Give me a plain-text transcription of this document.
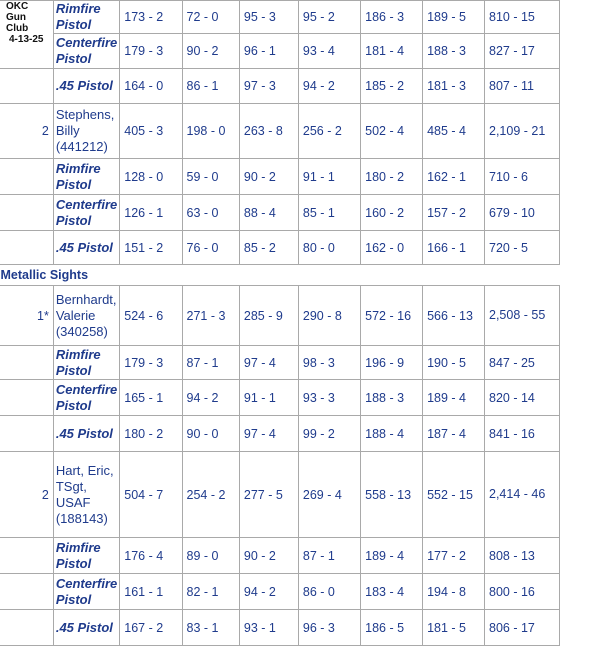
OKC Gun
Club
4-13-25	Rimfire Pistol	173 - 2	72 - 0	95 - 3	95 - 2	186 - 3	189 - 5	810 - 15
	Centerfire Pistol	179 - 3	90 - 2	96 - 1	93 - 4	181 - 4	188 - 3	827 - 17
	.45 Pistol	164 - 0	86 - 1	97 - 3	94 - 2	185 - 2	181 - 3	807 - 11
2	Stephens, Billy (441212)	405 - 3	198 - 0	263 - 8	256 - 2	502 - 4	485 - 4	2,109 - 21
	Rimfire Pistol	128 - 0	59 - 0	90 - 2	91 - 1	180 - 2	162 - 1	710 - 6
	Centerfire Pistol	126 - 1	63 - 0	88 - 4	85 - 1	160 - 2	157 - 2	679 - 10
	.45 Pistol	151 - 2	76 - 0	85 - 2	80 - 0	162 - 0	166 - 1	720 - 5
Metallic Sights								
1*	Bernhardt, Valerie (340258)	524 - 6	271 - 3	285 - 9	290 - 8	572 - 16	566 - 13	2,508 - 55
	Rimfire Pistol	179 - 3	87 - 1	97 - 4	98 - 3	196 - 9	190 - 5	847 - 25
	Centerfire Pistol	165 - 1	94 - 2	91 - 1	93 - 3	188 - 3	189 - 4	820 - 14
	.45 Pistol	180 - 2	90 - 0	97 - 4	99 - 2	188 - 4	187 - 4	841 - 16
2	Hart, Eric, TSgt, USAF (188143)	504 - 7	254 - 2	277 - 5	269 - 4	558 - 13	552 - 15	2,414 - 46
	Rimfire Pistol	176 - 4	89 - 0	90 - 2	87 - 1	189 - 4	177 - 2	808 - 13
	Centerfire Pistol	161 - 1	82 - 1	94 - 2	86 - 0	183 - 4	194 - 8	800 - 16
	.45 Pistol	167 - 2	83 - 1	93 - 1	96 - 3	186 - 5	181 - 5	806 - 17
